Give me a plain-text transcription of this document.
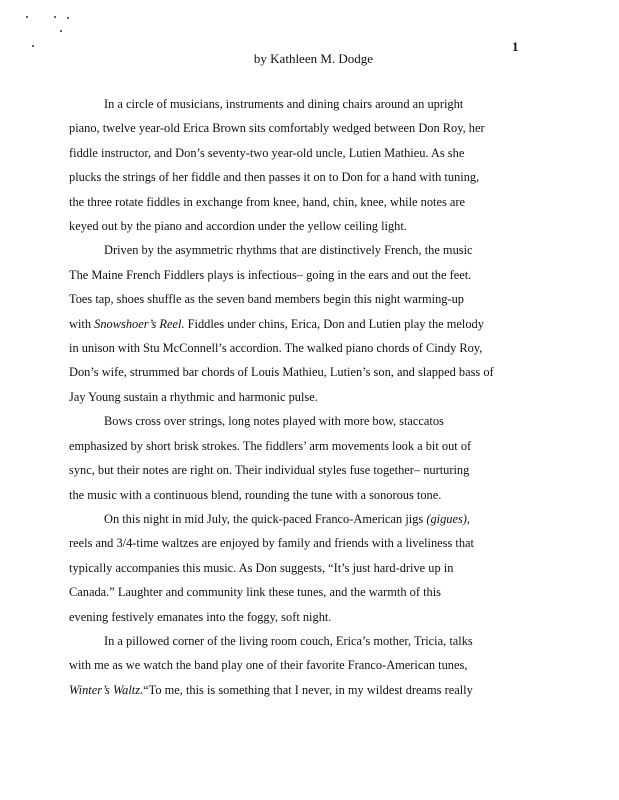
1
by Kathleen M. Dodge
In a circle of musicians, instruments and dining chairs around an upright
piano, twelve year-old Erica Brown sits comfortably wedged between Don Roy, her
fiddle instructor, and Don’s seventy-two year-old uncle, Lutien Mathieu. As she
plucks the strings of her fiddle and then passes it on to Don for a hand with tuning,
the three rotate fiddles in exchange from knee, hand, chin, knee, while notes are
keyed out by the piano and accordion under the yellow ceiling light.
Driven by the asymmetric rhythms that are distinctively French, the music
The Maine French Fiddlers plays is infectious– going in the ears and out the feet.
Toes tap, shoes shuffle as the seven band members begin this night warming-up
with Snowshoer’s Reel. Fiddles under chins, Erica, Don and Lutien play the melody
in unison with Stu McConnell’s accordion. The walked piano chords of Cindy Roy,
Don’s wife, strummed bar chords of Louis Mathieu, Lutien’s son, and slapped bass of
Jay Young sustain a rhythmic and harmonic pulse.
Bows cross over strings, long notes played with more bow, staccatos
emphasized by short brisk strokes. The fiddlers’ arm movements look a bit out of
sync, but their notes are right on. Their individual styles fuse together– nurturing
the music with a continuous blend, rounding the tune with a sonorous tone.
On this night in mid July, the quick-paced Franco-American jigs (gigues),
reels and 3/4-time waltzes are enjoyed by family and friends with a liveliness that
typically accompanies this music. As Don suggests, “It’s just hard-drive up in
Canada.” Laughter and community link these tunes, and the warmth of this
evening festively emanates into the foggy, soft night.
In a pillowed corner of the living room couch, Erica’s mother, Tricia, talks
with me as we watch the band play one of their favorite Franco-American tunes,
Winter’s Waltz.“To me, this is something that I never, in my wildest dreams really
